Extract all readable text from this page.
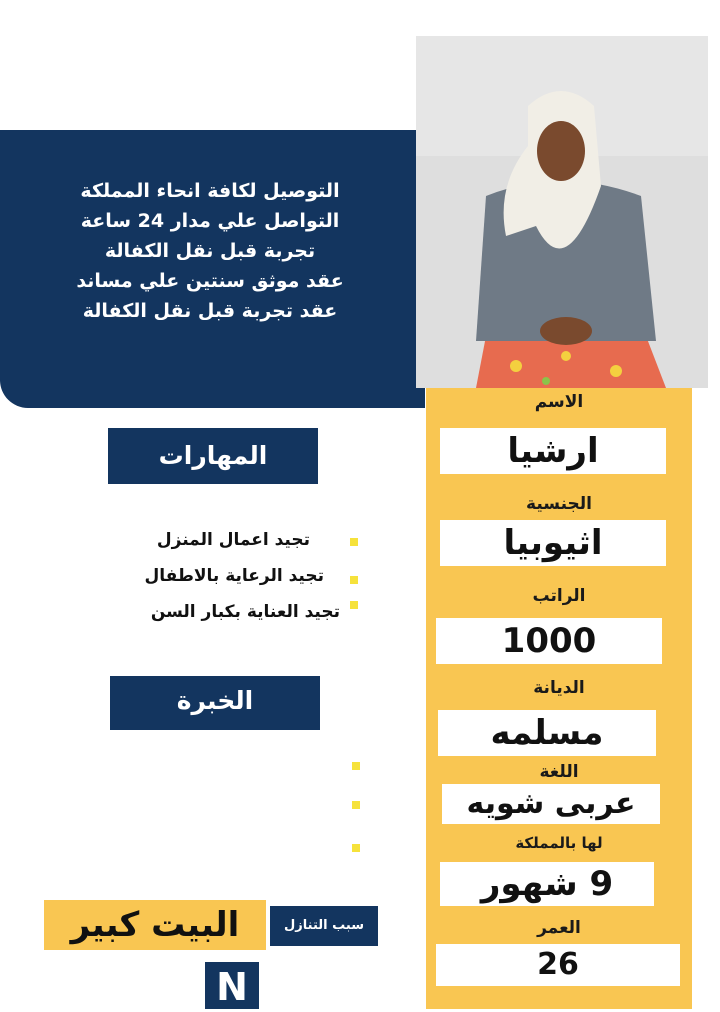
التوصيل لكافة انحاء المملكة
التواصل علي مدار 24 ساعة
تجربة قبل نقل الكفالة
عقد موثق سنتين علي مساند
عقد تجربة قبل نقل الكفالة
الاسم
ارشيا
الجنسية
اثيوبيا
الراتب
1000
الديانة
مسلمه
اللغة
عربى شويه
لها بالمملكة
9 شهور
العمر
26
المهارات
تجيد اعمال المنزل
تجيد الرعاية بالاطفال
تجيد العناية بكبار السن
الخبرة
البيت كبير	سبب التنازل
N
